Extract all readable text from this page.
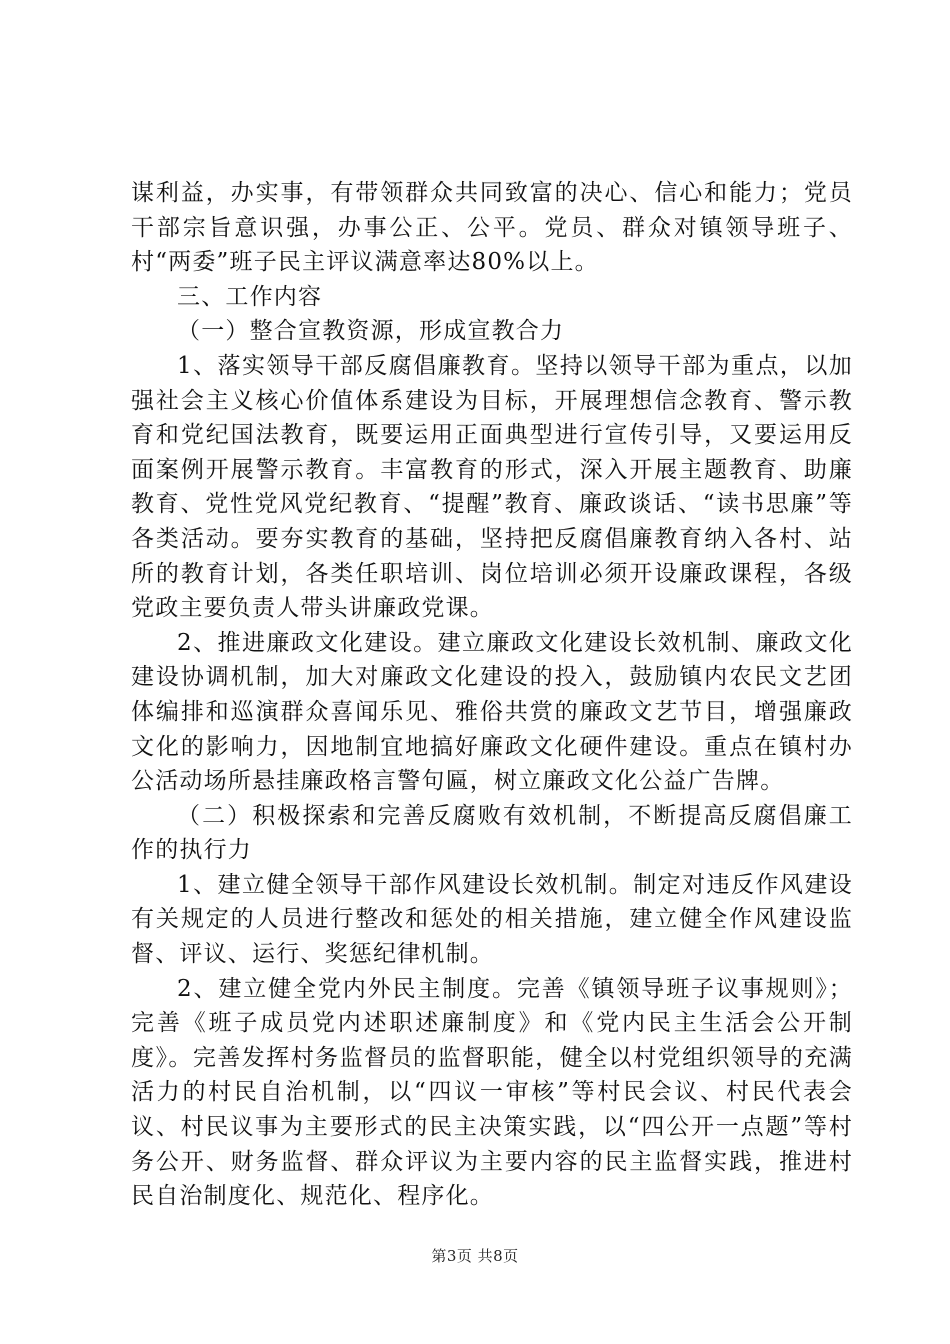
谋利益，办实事，有带领群众共同致富的决心、信心和能力；党员干部宗旨意识强，办事公正、公平。党员、群众对镇领导班子、村“两委”班子民主评议满意率达80%以上。

三、工作内容

（一）整合宣教资源，形成宣教合力

1、落实领导干部反腐倡廉教育。坚持以领导干部为重点，以加强社会主义核心价值体系建设为目标，开展理想信念教育、警示教育和党纪国法教育，既要运用正面典型进行宣传引导，又要运用反面案例开展警示教育。丰富教育的形式，深入开展主题教育、助廉教育、党性党风党纪教育、“提醒”教育、廉政谈话、“读书思廉”等各类活动。要夯实教育的基础，坚持把反腐倡廉教育纳入各村、站所的教育计划，各类任职培训、岗位培训必须开设廉政课程，各级党政主要负责人带头讲廉政党课。

2、推进廉政文化建设。建立廉政文化建设长效机制、廉政文化建设协调机制，加大对廉政文化建设的投入，鼓励镇内农民文艺团体编排和巡演群众喜闻乐见、雅俗共赏的廉政文艺节目，增强廉政文化的影响力，因地制宜地搞好廉政文化硬件建设。重点在镇村办公活动场所悬挂廉政格言警句匾，树立廉政文化公益广告牌。

（二）积极探索和完善反腐败有效机制，不断提高反腐倡廉工作的执行力

1、建立健全领导干部作风建设长效机制。制定对违反作风建设有关规定的人员进行整改和惩处的相关措施，建立健全作风建设监督、评议、运行、奖惩纪律机制。

2、建立健全党内外民主制度。完善《镇领导班子议事规则》；完善《班子成员党内述职述廉制度》和《党内民主生活会公开制度》。完善发挥村务监督员的监督职能，健全以村党组织领导的充满活力的村民自治机制，以“四议一审核”等村民会议、村民代表会议、村民议事为主要形式的民主决策实践，以“四公开一点题”等村务公开、财务监督、群众评议为主要内容的民主监督实践，推进村民自治制度化、规范化、程序化。

第3页 共8页
